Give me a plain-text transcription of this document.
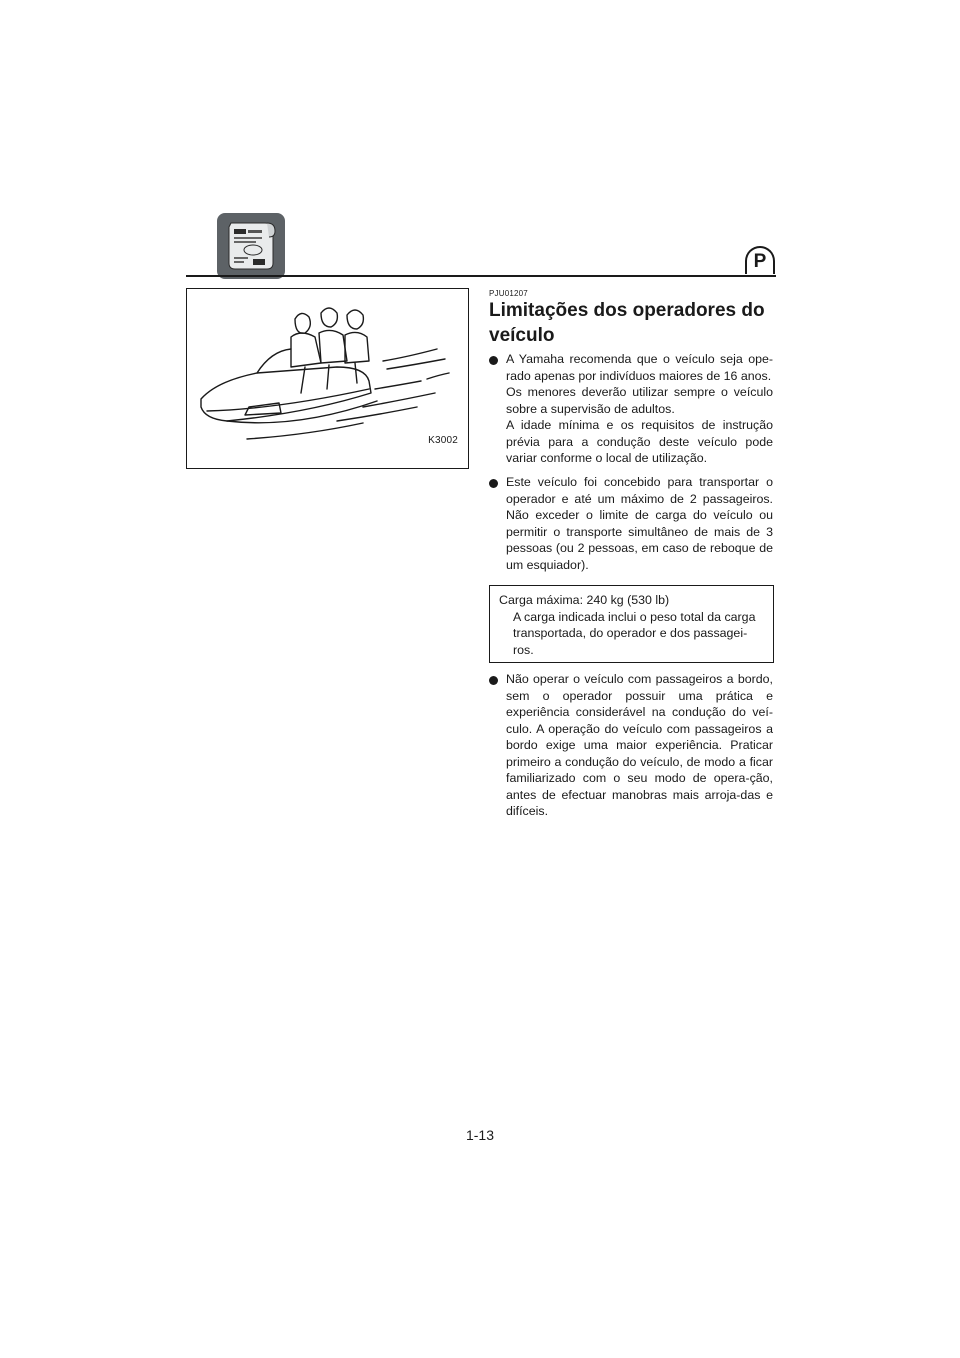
P
K3002
PJU01207
Limitações dos operadores do veículo

A Yamaha recomenda que o veículo seja ope-rado apenas por indivíduos maiores de 16 anos.

Os menores deverão utilizar sempre o veículo sobre a supervisão de adultos.

A idade mínima e os requisitos de instrução prévia para a condução deste veículo pode variar conforme o local de utilização.

Este veículo foi concebido para transportar o operador e até um máximo de 2 passageiros. Não exceder o limite de carga do veículo ou permitir o transporte simultâneo de mais de 3 pessoas (ou 2 pessoas, em caso de reboque de um esquiador).

Carga máxima: 240 kg (530 lb)

A carga indicada inclui o peso total da carga transportada, do operador e dos passagei-ros.

Não operar o veículo com passageiros a bordo, sem o operador possuir uma prática e experiência considerável na condução do veí-culo. A operação do veículo com passageiros a bordo exige uma maior experiência. Praticar primeiro a condução do veículo, de modo a ficar familiarizado com o seu modo de opera-ção, antes de efectuar manobras mais arroja-das e difíceis.

1-13
